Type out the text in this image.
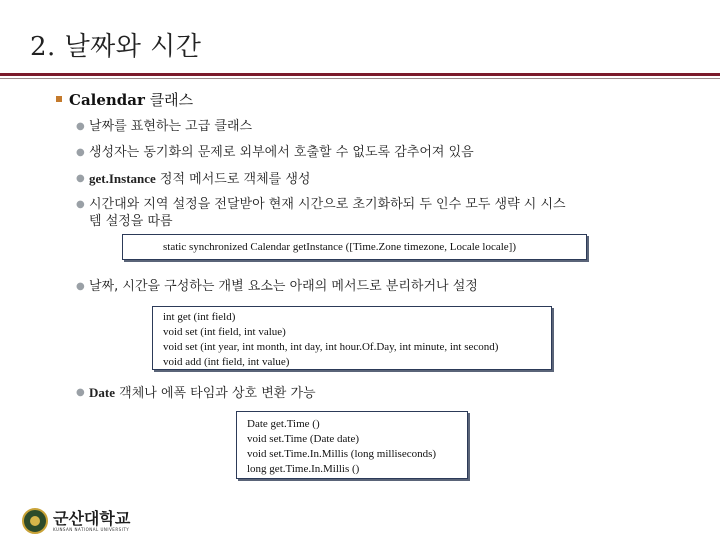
2. 날짜와 시간
Calendar 클래스
● 날짜를 표현하는 고급 클래스
● 생성자는 동기화의 문제로 외부에서 호출할 수 없도록 감추어져 있음
● get.Instance 정적 메서드로 객체를 생성
● 시간대와 지역 설정을 전달받아 현재 시간으로 초기화하되 두 인수 모두 생략 시 시스
템 설정을 따름
static synchronized Calendar getInstance ([Time.Zone timezone, Locale locale])
● 날짜, 시간을 구성하는 개별 요소는 아래의 메서드로 분리하거나 설정
int get (int field)
void set (int field, int value)
void set (int year, int month, int day, int hour.Of.Day, int minute, int second)
void add (int field, int value)
● Date 객체나 에폭 타임과 상호 변환 가능
Date get.Time ()
void set.Time (Date date)
void set.Time.In.Millis (long milliseconds)
long get.Time.In.Millis ()
군산대학교
KUNSAN NATIONAL UNIVERSITY
